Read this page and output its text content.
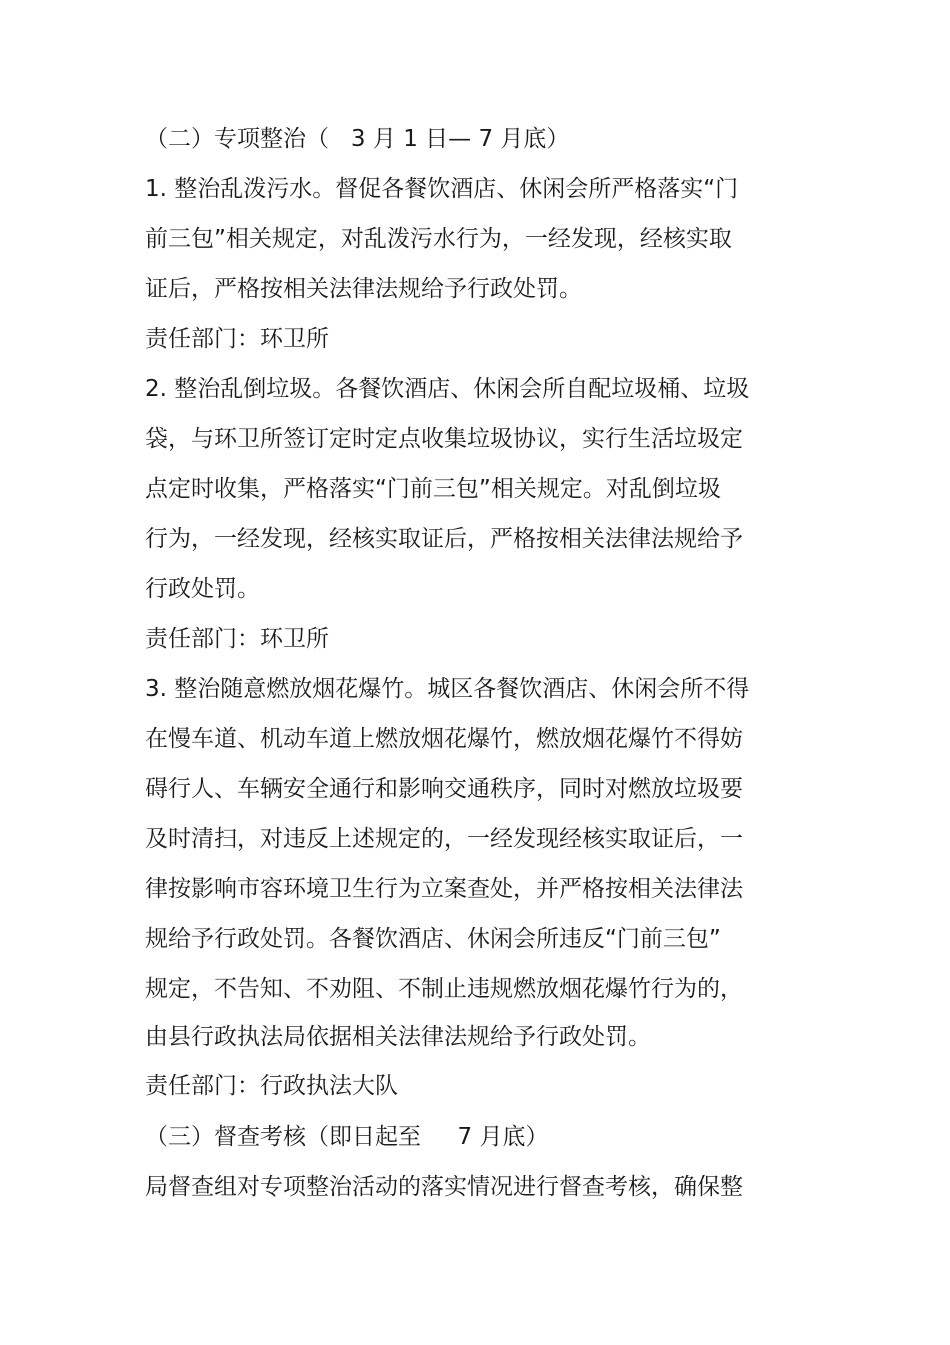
（二）专项整治（   3 月 1 日— 7 月底）
1. 整治乱泼污水。督促各餐饮酒店、休闲会所严格落实“门
前三包”相关规定，对乱泼污水行为，一经发现，经核实取
证后，严格按相关法律法规给予行政处罚。
责任部门：环卫所
2. 整治乱倒垃圾。各餐饮酒店、休闲会所自配垃圾桶、垃圾
袋，与环卫所签订定时定点收集垃圾协议，实行生活垃圾定
点定时收集，严格落实“门前三包”相关规定。对乱倒垃圾
行为，一经发现，经核实取证后，严格按相关法律法规给予
行政处罚。
责任部门：环卫所
3. 整治随意燃放烟花爆竹。城区各餐饮酒店、休闲会所不得
在慢车道、机动车道上燃放烟花爆竹，燃放烟花爆竹不得妨
碍行人、车辆安全通行和影响交通秩序，同时对燃放垃圾要
及时清扫，对违反上述规定的，一经发现经核实取证后，一
律按影响市容环境卫生行为立案查处，并严格按相关法律法
规给予行政处罚。各餐饮酒店、休闲会所违反“门前三包”
规定，不告知、不劝阻、不制止违规燃放烟花爆竹行为的，
由县行政执法局依据相关法律法规给予行政处罚。
责任部门：行政执法大队
（三）督查考核（即日起至     7 月底）
局督查组对专项整治活动的落实情况进行督查考核，确保整
